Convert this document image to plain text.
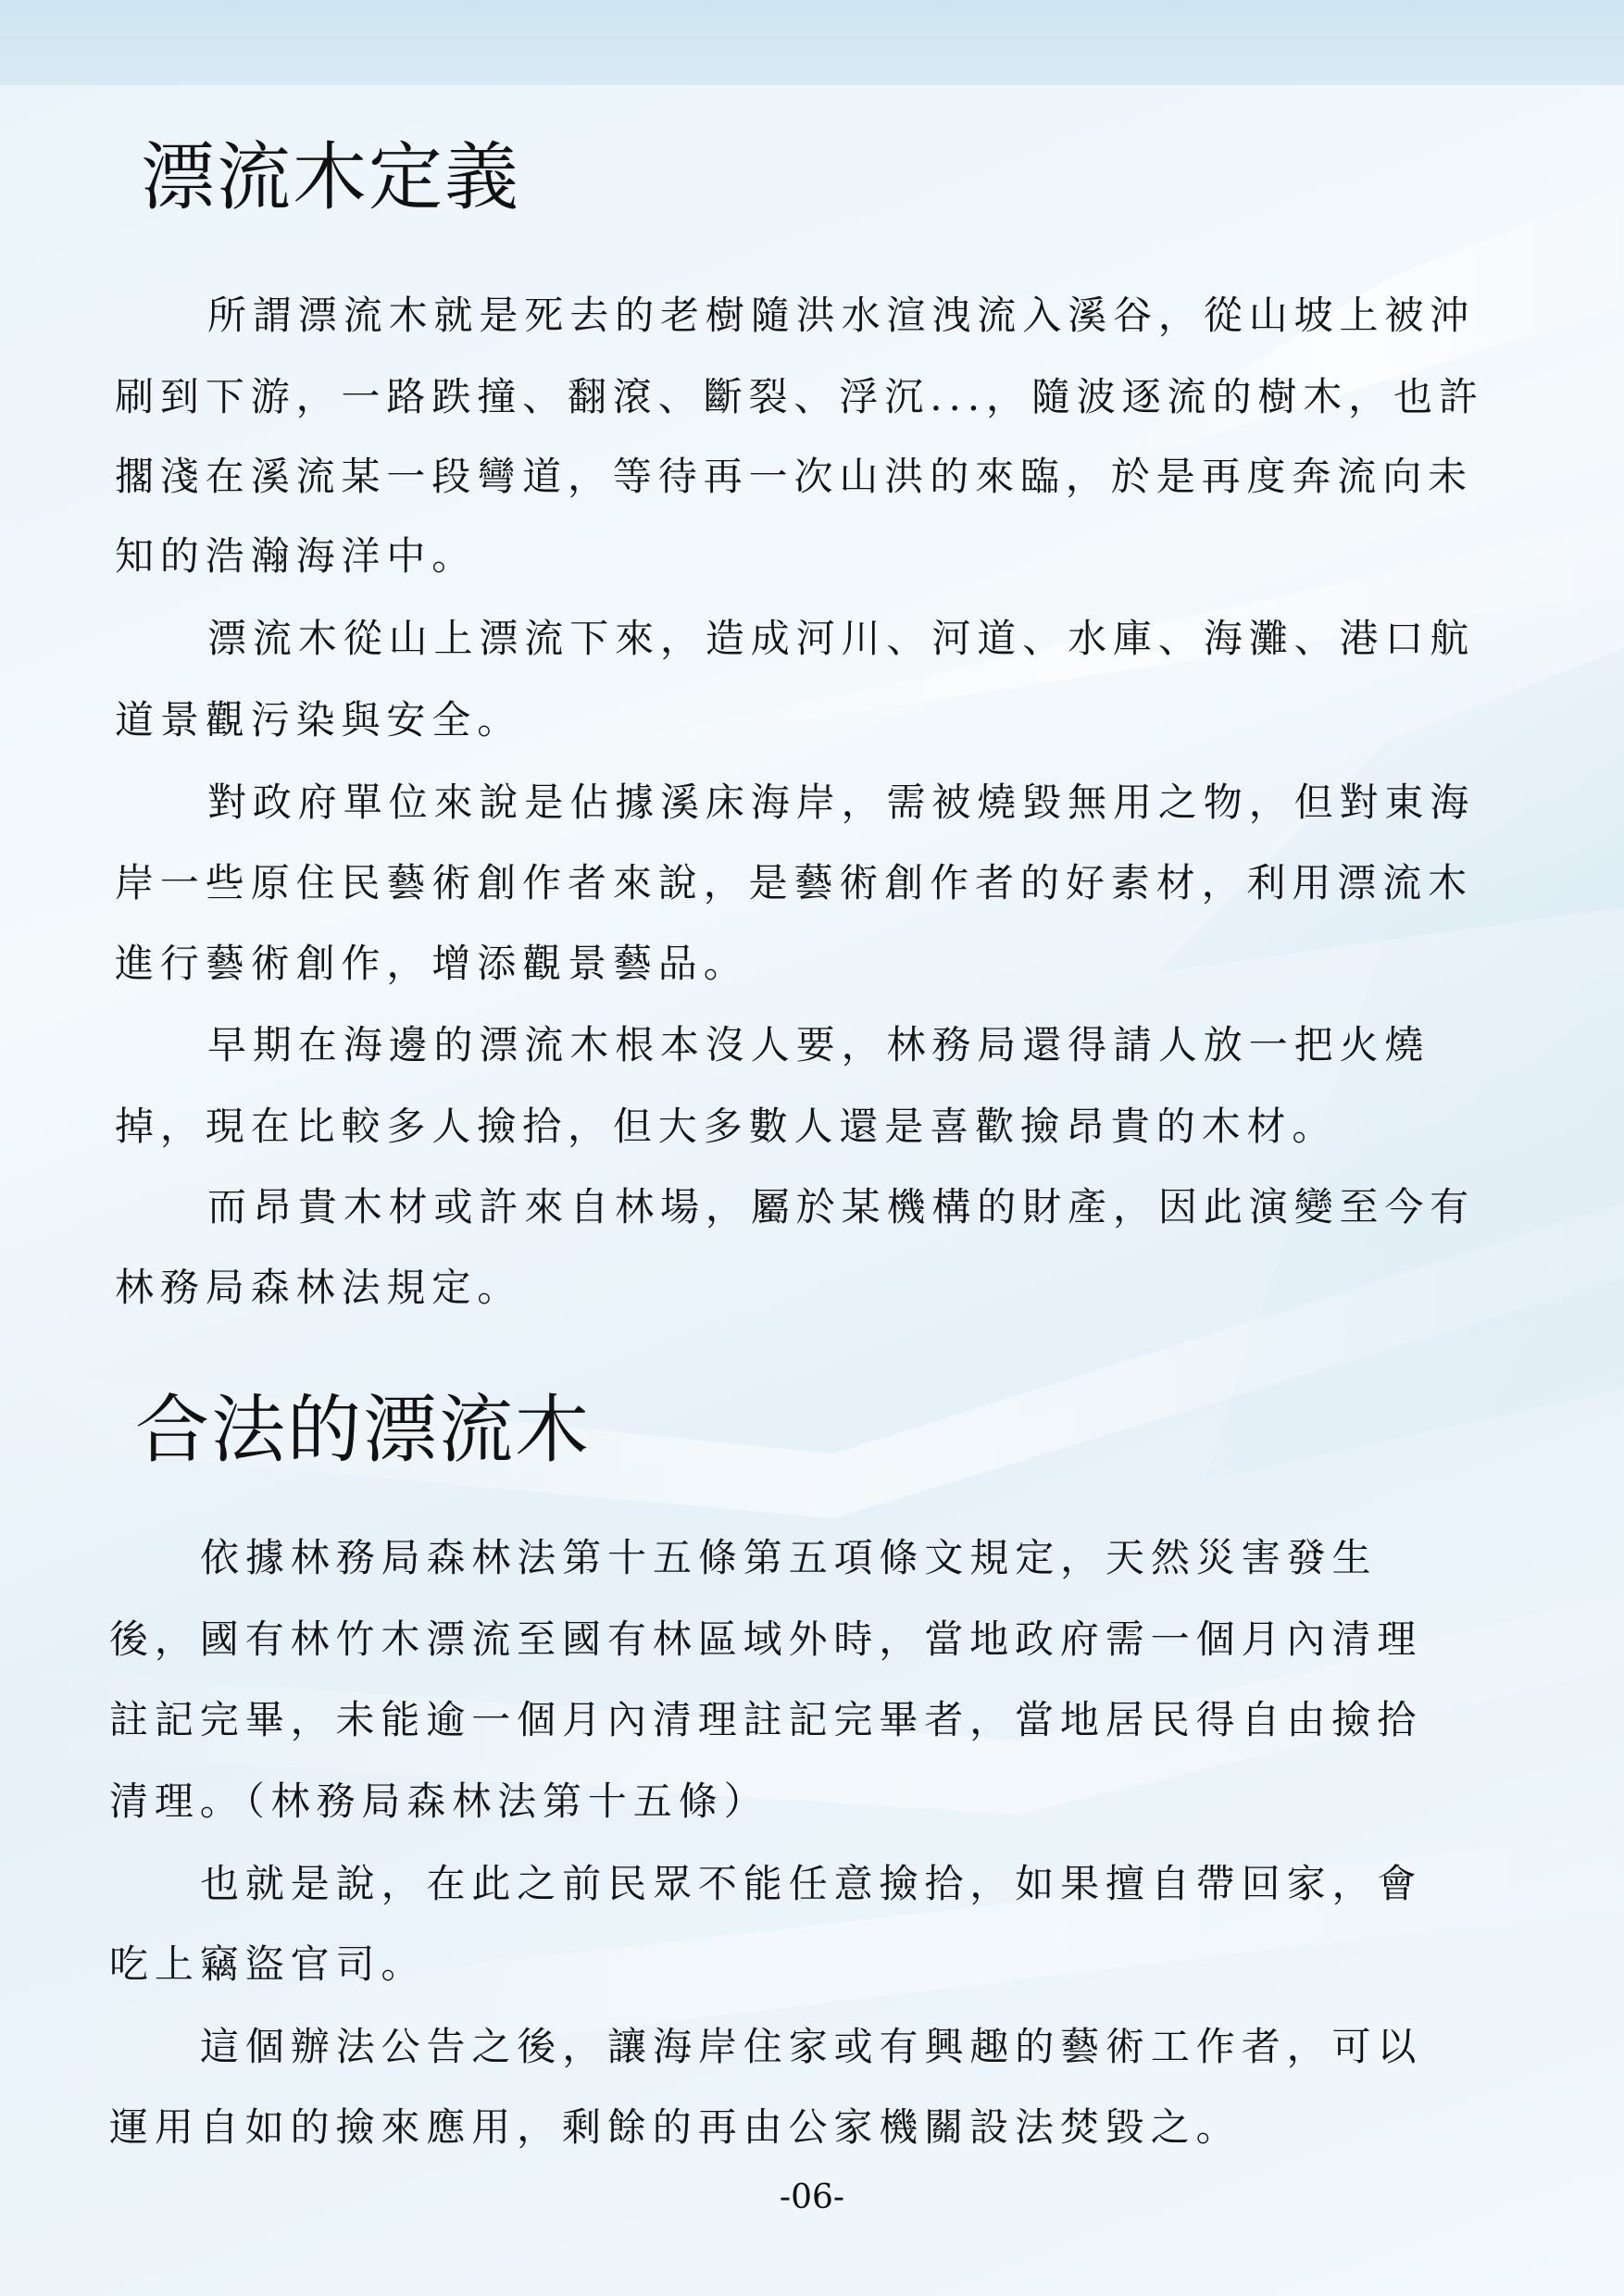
漂流木定義

所謂漂流木就是死去的老樹隨洪水渲洩流入溪谷，從山坡上被沖

刷到下游，一路跌撞、翻滾、斷裂、浮沉...，隨波逐流的樹木，也許

擱淺在溪流某一段彎道，等待再一次山洪的來臨，於是再度奔流向未

知的浩瀚海洋中。

漂流木從山上漂流下來，造成河川、河道、水庫、海灘、港口航

道景觀污染與安全。

對政府單位來說是佔據溪床海岸，需被燒毀無用之物，但對東海

岸一些原住民藝術創作者來說，是藝術創作者的好素材，利用漂流木

進行藝術創作，增添觀景藝品。

早期在海邊的漂流木根本沒人要，林務局還得請人放一把火燒

掉，現在比較多人撿拾，但大多數人還是喜歡撿昂貴的木材。

而昂貴木材或許來自林場，屬於某機構的財產，因此演變至今有

林務局森林法規定。

合法的漂流木

依據林務局森林法第十五條第五項條文規定，天然災害發生

後，國有林竹木漂流至國有林區域外時，當地政府需一個月內清理

註記完畢，未能逾一個月內清理註記完畢者，當地居民得自由撿拾

清理。（林務局森林法第十五條）

也就是說，在此之前民眾不能任意撿拾，如果擅自帶回家，會

吃上竊盜官司。

這個辦法公告之後，讓海岸住家或有興趣的藝術工作者，可以

運用自如的撿來應用，剩餘的再由公家機關設法焚毀之。

-06-
